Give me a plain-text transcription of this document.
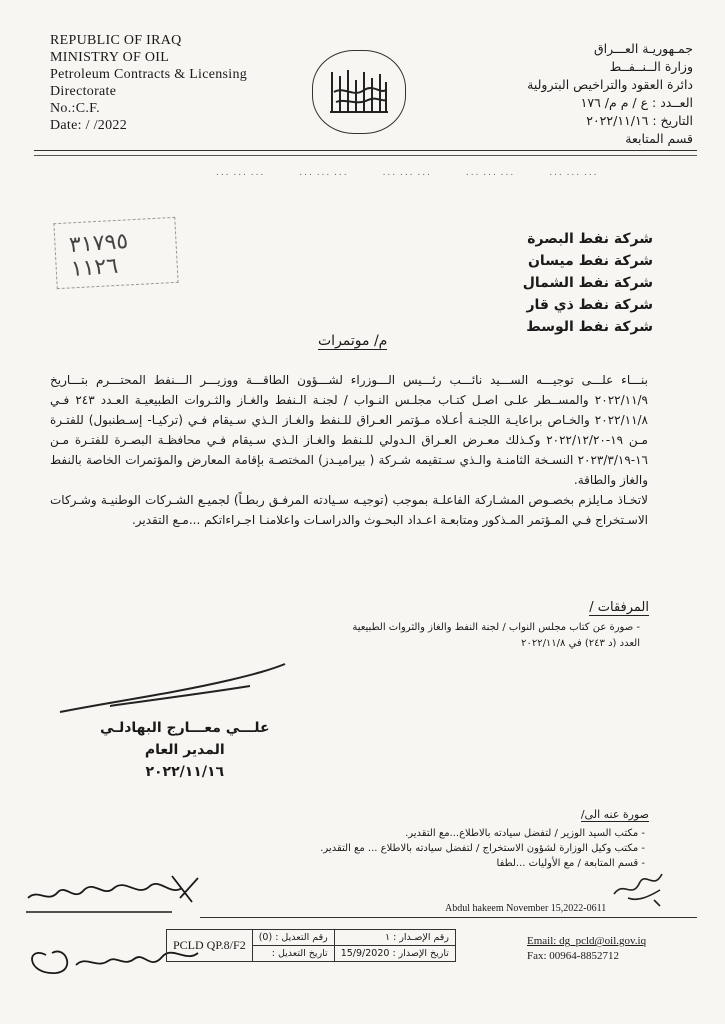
REPUBLIC OF IRAQ
MINISTRY OF OIL
Petroleum Contracts & Licensing
Directorate
No.:C.F.
Date: / /2022
جمـهوريـة العـــراق
وزارة الــنــفــط
دائرة العقود والتراخيص البترولية
العــدد : ع / م م/ ١٧٦
التاريخ : ٢٠٢٢/١١/١٦
قسم المتابعة
٠٠٠ ٠٠٠ ٠٠٠
٠٠٠ ٠٠٠ ٠٠٠
٠٠٠ ٠٠٠ ٠٠٠
٠٠٠ ٠٠٠ ٠٠٠
٠٠٠ ٠٠٠ ٠٠٠
٣١٧٩٥
١١٢٦
شركة نفط البصرة
شركة نفط ميسان
شركة نفط الشمال
شركة نفط ذي قار
شركة نفط الوسط
م/ موتمرات

بنـــاء علـــى توجيـــه الســـيد نائـــب رئـــيس الـــوزراء لشـــؤون الطاقـــة ووزيـــر الـــنفط المحتـــرم بتـــاريخ ٢٠٢٢/١١/٩ والمســطر علـى اصـل كتـاب مجلـس النـواب / لجنـة الـنفط والغـاز والثـروات الطبيعيـة العـدد ٢٤٣ فـي ٢٠٢٢/١١/٨ والخـاص براعايـة اللجنـة أعـلاه مـؤتمر العـراق للـنفط والغـاز الـذي سـيقام فـي (تركيـا- إسـطنبول) للفتـرة مـن ١٩-٢٠٢٢/١٢/٢٠ وكـذلك معـرض العـراق الـدولي للـنفط والغـاز الـذي سـيقام فـي محافظـة البصـرة للفتـرة مـن ١٦-٢٠٢٣/٣/١٩ النسـخة الثامنـة والـذي سـتقيمه شـركة ( بيراميـدز) المختصـة بإقامة المعارض والمؤتمرات الخاصة بالنفط والغاز والطاقة.

لاتخـاذ مـايلزم بخصـوص المشـاركة الفاعلـة بموجب (توجيـه سـيادته المرفـق ربطـاً) لجميـع الشـركات الوطنيـة وشـركات الاسـتخراج فـي المـؤتمر المـذكور ومتابعـة اعـداد البحـوث والدراسـات واعلامنـا اجـراءاتكم ...مـع التقدير.

المرفقات /
- صورة عن كتاب مجلس النواب / لجنة النفط والغاز والثروات الطبيعية العدد (د ٢٤٣) في ٢٠٢٢/١١/٨
علـــي معـــارج البهادلـي
المدير العام
٢٠٢٢/١١/١٦
صورة عنه الى/
- مكتب السيد الوزير / لتفضل سيادته بالاطلاع...مع التقدير.
- مكتب وكيل الوزارة لشؤون الاستخراج / لتفضل سيادته بالاطلاع ... مع التقدير.
- قسم المتابعة / مع الأوليات ...لطفا
Abdul hakeem November 15,2022-0611
PCLD QP.8/F2	رقم التعديل : (0)	رقم الإصـدار : ١
	تاريخ التعديل :	تاريخ الإصدار : 15/9/2020
Email: dg_pcld@oil.gov.iq
Fax: 00964-8852712
